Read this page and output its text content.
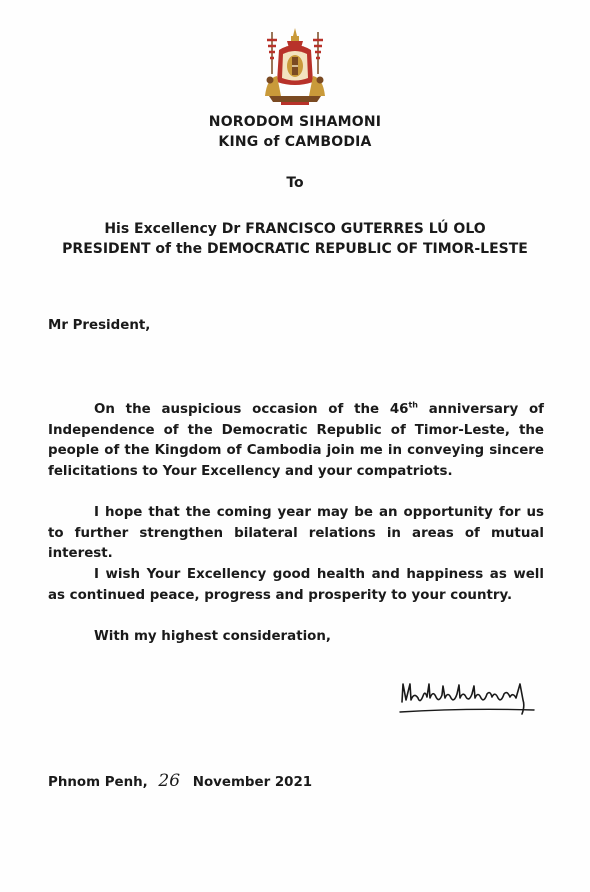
NORODOM SIHAMONI
KING of CAMBODIA
To
His Excellency Dr FRANCISCO GUTERRES LÚ OLO
PRESIDENT of the DEMOCRATIC REPUBLIC OF TIMOR-LESTE
Mr President,
On the auspicious occasion of the 46th anniversary of Independence of the Democratic Republic of Timor-Leste, the people of the Kingdom of Cambodia join me in conveying sincere felicitations to Your Excellency and your compatriots.
I hope that the coming year may be an opportunity for us to further strengthen bilateral relations in areas of mutual interest.
I wish Your Excellency good health and happiness as well as continued peace, progress and prosperity to your country.
With my highest consideration,
Phnom Penh, 26 November 2021
